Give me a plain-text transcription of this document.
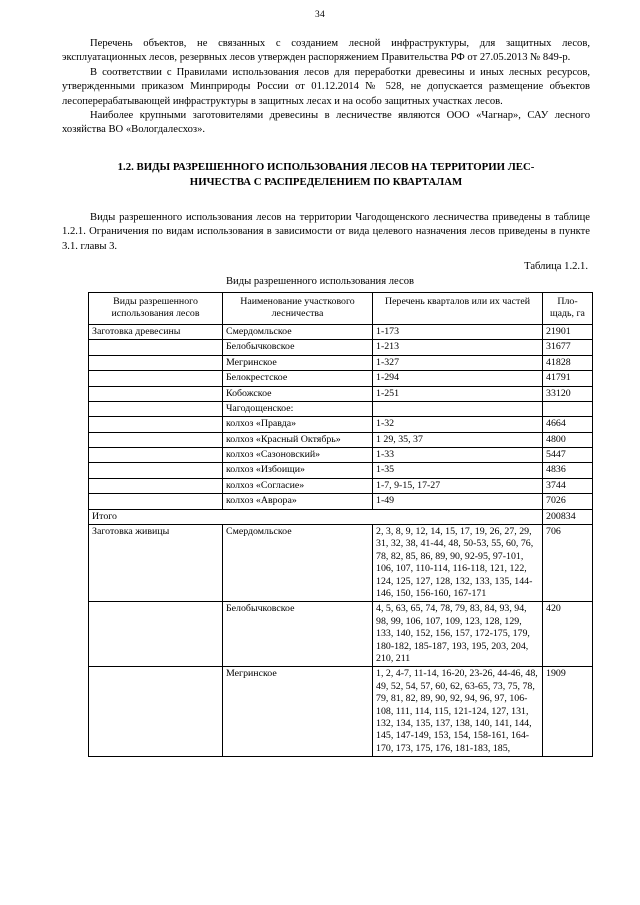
34

Перечень объектов, не связанных с созданием лесной инфраструктуры, для защитных лесов, эксплуатационных лесов, резервных лесов утвержден распоряжением Правительства РФ от 27.05.2013 № 849-р.

В соответствии с Правилами использования лесов для переработки древесины и иных лесных ресурсов, утвержденными приказом Минприроды России от 01.12.2014 № 528, не допускается размещение объектов лесоперерабатывающей инфраструктуры в защитных лесах и на особо защитных участках лесов.

Наиболее крупными заготовителями древесины в лесничестве являются ООО «Чагнар», САУ лесного хозяйства ВО «Вологдалесхоз».

1.2. ВИДЫ РАЗРЕШЕННОГО ИСПОЛЬЗОВАНИЯ ЛЕСОВ НА ТЕРРИТОРИИ ЛЕС-
НИЧЕСТВА С РАСПРЕДЕЛЕНИЕМ ПО КВАРТАЛАМ

Виды разрешенного использования лесов на территории Чагодощенского лесничества приведены в таблице 1.2.1. Ограничения по видам использования в зависимости от вида целевого назначения лесов приведены в пункте 3.1. главы 3.

Таблица 1.2.1.
Виды разрешенного использования лесов
Виды разрешенного использования лесов	Наименование участкового лесничества	Перечень кварталов или их частей	Пло-щадь, га
Заготовка древесины	Смердомльское	1-173	21901
	Белобычковское	1-213	31677
	Мегринское	1-327	41828
	Белокрестское	1-294	41791
	Кобожское	1-251	33120
	Чагодощенское:		
	колхоз «Правда»	1-32	4664
	колхоз «Красный Октябрь»	1 29, 35, 37	4800
	колхоз «Сазоновский»	1-33	5447
	колхоз «Избоищи»	1-35	4836
	колхоз «Согласие»	1-7, 9-15, 17-27	3744
	колхоз «Аврора»	1-49	7026
Итого			200834
Заготовка живицы	Смердомльское	2, 3, 8, 9, 12, 14, 15, 17, 19, 26, 27, 29, 31, 32, 38, 41-44, 48, 50-53, 55, 60, 76, 78, 82, 85, 86, 89, 90, 92-95, 97-101, 106, 107, 110-114, 116-118, 121, 122, 124, 125, 127, 128, 132, 133, 135, 144-146, 150, 156-160, 167-171	706
	Белобычковское	4, 5, 63, 65, 74, 78, 79, 83, 84, 93, 94, 98, 99, 106, 107, 109, 123, 128, 129, 133, 140, 152, 156, 157, 172-175, 179, 180-182, 185-187, 193, 195, 203, 204, 210, 211	420
	Мегринское	1, 2, 4-7, 11-14, 16-20, 23-26, 44-46, 48, 49, 52, 54, 57, 60, 62, 63-65, 73, 75, 78, 79, 81, 82, 89, 90, 92, 94, 96, 97, 106-108, 111, 114, 115, 121-124, 127, 131, 132, 134, 135, 137, 138, 140, 141, 144, 145, 147-149, 153, 154, 158-161, 164-170, 173, 175, 176, 181-183, 185,	1909
